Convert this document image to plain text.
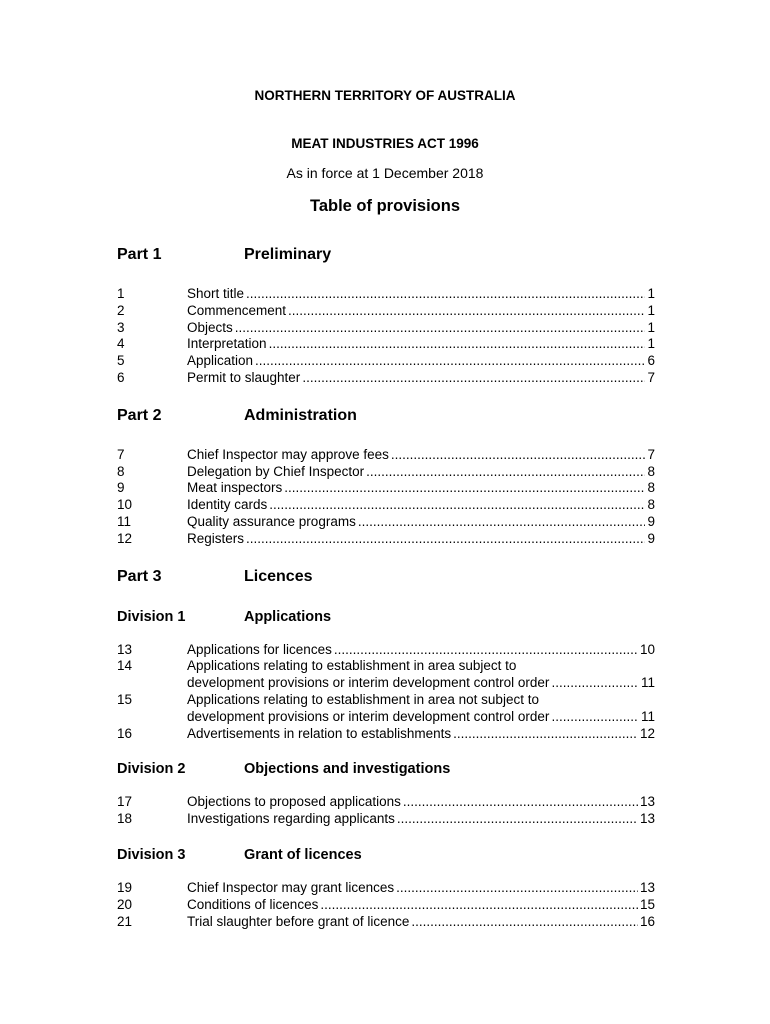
NORTHERN TERRITORY OF AUSTRALIA
MEAT INDUSTRIES ACT 1996
As in force at 1 December 2018
Table of provisions
Part 1	Preliminary
1	Short title .....	1
2	Commencement .....	1
3	Objects .....	1
4	Interpretation .....	1
5	Application .....	6
6	Permit to slaughter .....	7
Part 2	Administration
7	Chief Inspector may approve fees .....	7
8	Delegation by Chief Inspector .....	8
9	Meat inspectors .....	8
10	Identity cards .....	8
11	Quality assurance programs .....	9
12	Registers .....	9
Part 3	Licences
Division 1	Applications
13	Applications for licences .....	10
14	Applications relating to establishment in area subject to
development provisions or interim development control order .....	11
15	Applications relating to establishment in area not subject to
development provisions or interim development control order .....	11
16	Advertisements in relation to establishments .....	12
Division 2	Objections and investigations
17	Objections to proposed applications .....	13
18	Investigations regarding applicants .....	13
Division 3	Grant of licences
19	Chief Inspector may grant licences .....	13
20	Conditions of licences .....	15
21	Trial slaughter before grant of licence .....	16
